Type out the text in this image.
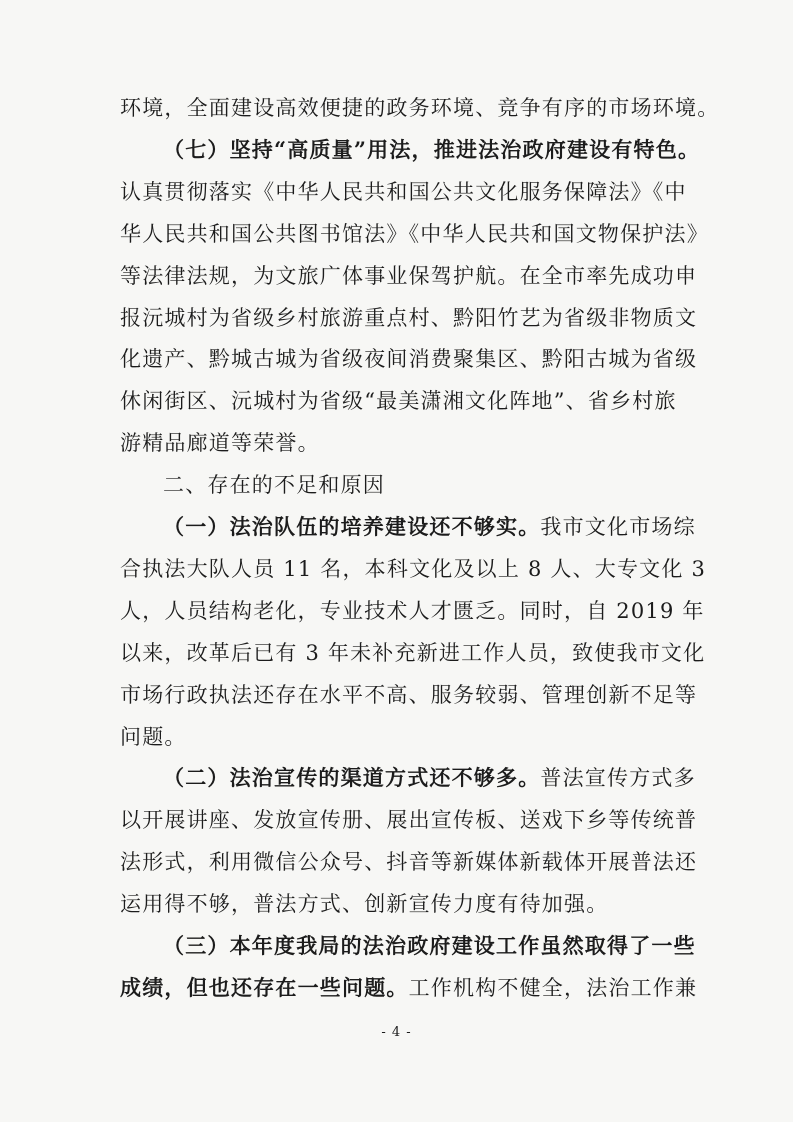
环境，全面建设高效便捷的政务环境、竞争有序的市场环境。
（七）坚持“高质量”用法，推进法治政府建设有特色。
认真贯彻落实《中华人民共和国公共文化服务保障法》《中
华人民共和国公共图书馆法》《中华人民共和国文物保护法》
等法律法规，为文旅广体事业保驾护航。在全市率先成功申
报沅城村为省级乡村旅游重点村、黔阳竹艺为省级非物质文
化遗产、黔城古城为省级夜间消费聚集区、黔阳古城为省级
休闲街区、沅城村为省级“最美潇湘文化阵地”、省乡村旅
游精品廊道等荣誉。
二、存在的不足和原因
（一）法治队伍的培养建设还不够实。我市文化市场综
合执法大队人员 11 名，本科文化及以上 8 人、大专文化 3
人，人员结构老化，专业技术人才匮乏。同时，自 2019 年
以来，改革后已有 3 年未补充新进工作人员，致使我市文化
市场行政执法还存在水平不高、服务较弱、管理创新不足等
问题。
（二）法治宣传的渠道方式还不够多。普法宣传方式多
以开展讲座、发放宣传册、展出宣传板、送戏下乡等传统普
法形式，利用微信公众号、抖音等新媒体新载体开展普法还
运用得不够，普法方式、创新宣传力度有待加强。
（三）本年度我局的法治政府建设工作虽然取得了一些
成绩，但也还存在一些问题。工作机构不健全，法治工作兼
- 4 -
